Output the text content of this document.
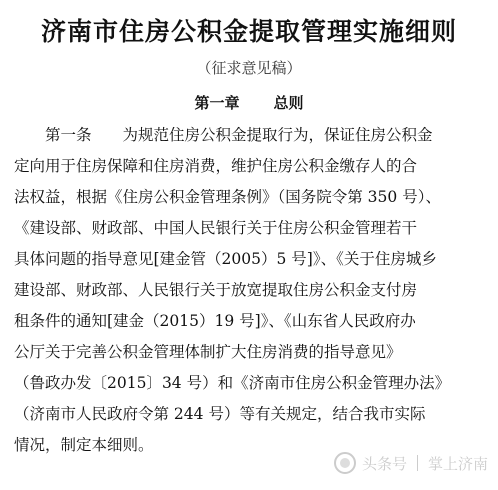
济南市住房公积金提取管理实施细则
（征求意见稿）
第一章 总则
　　第一条　　为规范住房公积金提取行为，保证住房公积金
定向用于住房保障和住房消费，维护住房公积金缴存人的合
法权益，根据《住房公积金管理条例》（国务院令第 350 号）、
《建设部、财政部、中国人民银行关于住房公积金管理若干
具体问题的指导意见[建金管（2005）5 号]》、《关于住房城乡
建设部、财政部、人民银行关于放宽提取住房公积金支付房
租条件的通知[建金（2015）19 号]》、《山东省人民政府办
公厅关于完善公积金管理体制扩大住房消费的指导意见》
（鲁政办发〔2015〕34 号）和《济南市住房公积金管理办法》
（济南市人民政府令第 244 号）等有关规定，结合我市实际
情况，制定本细则。
头条号 掌上济南
